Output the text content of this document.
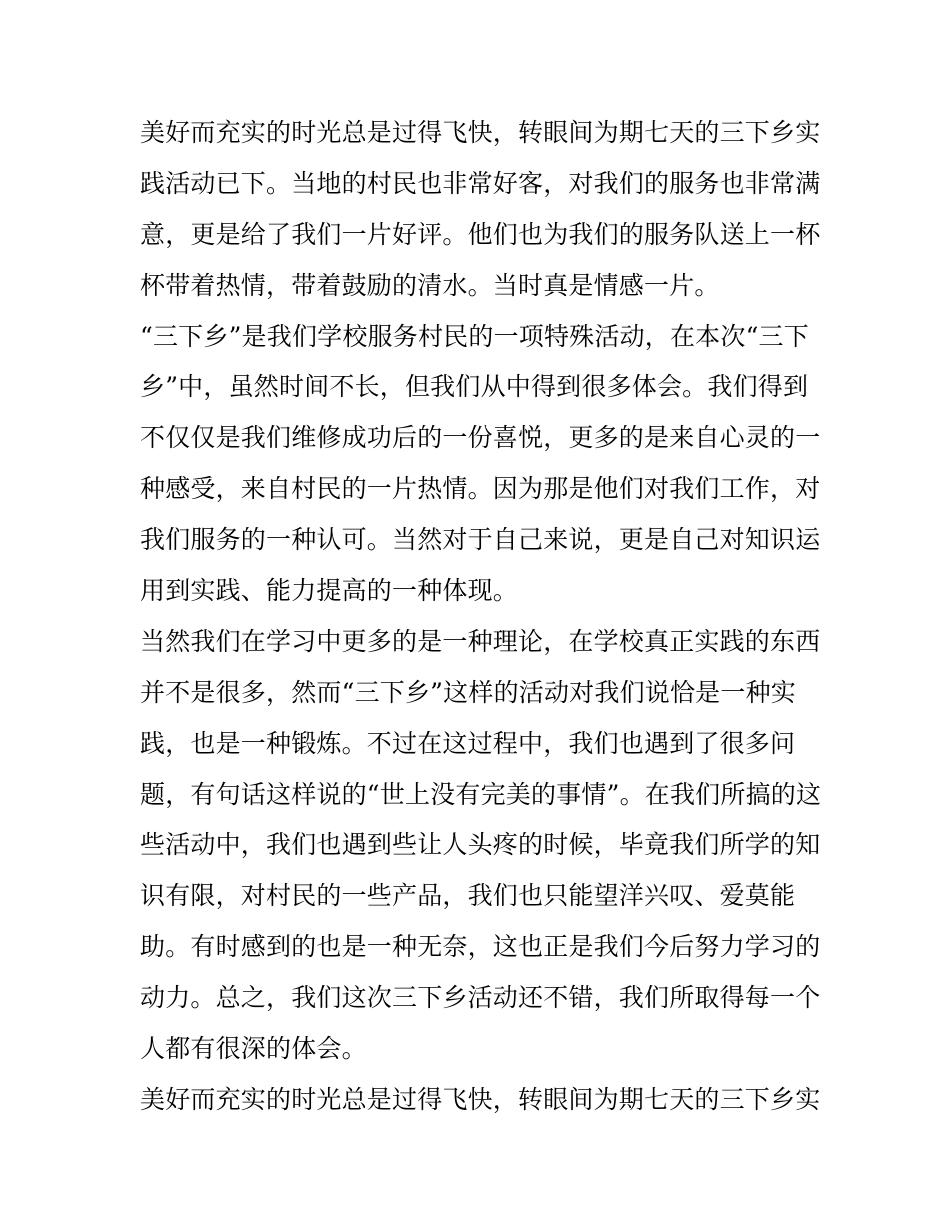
美好而充实的时光总是过得飞快，转眼间为期七天的三下乡实
践活动已下。当地的村民也非常好客，对我们的服务也非常满
意，更是给了我们一片好评。他们也为我们的服务队送上一杯
杯带着热情，带着鼓励的清水。当时真是情感一片。
“三下乡”是我们学校服务村民的一项特殊活动，在本次“三下
乡”中，虽然时间不长，但我们从中得到很多体会。我们得到
不仅仅是我们维修成功后的一份喜悦，更多的是来自心灵的一
种感受，来自村民的一片热情。因为那是他们对我们工作，对
我们服务的一种认可。当然对于自己来说，更是自己对知识运
用到实践、能力提高的一种体现。
当然我们在学习中更多的是一种理论，在学校真正实践的东西
并不是很多，然而“三下乡”这样的活动对我们说恰是一种实
践，也是一种锻炼。不过在这过程中，我们也遇到了很多问
题，有句话这样说的“世上没有完美的事情”。在我们所搞的这
些活动中，我们也遇到些让人头疼的时候，毕竟我们所学的知
识有限，对村民的一些产品，我们也只能望洋兴叹、爱莫能
助。有时感到的也是一种无奈，这也正是我们今后努力学习的
动力。总之，我们这次三下乡活动还不错，我们所取得每一个
人都有很深的体会。
美好而充实的时光总是过得飞快，转眼间为期七天的三下乡实
